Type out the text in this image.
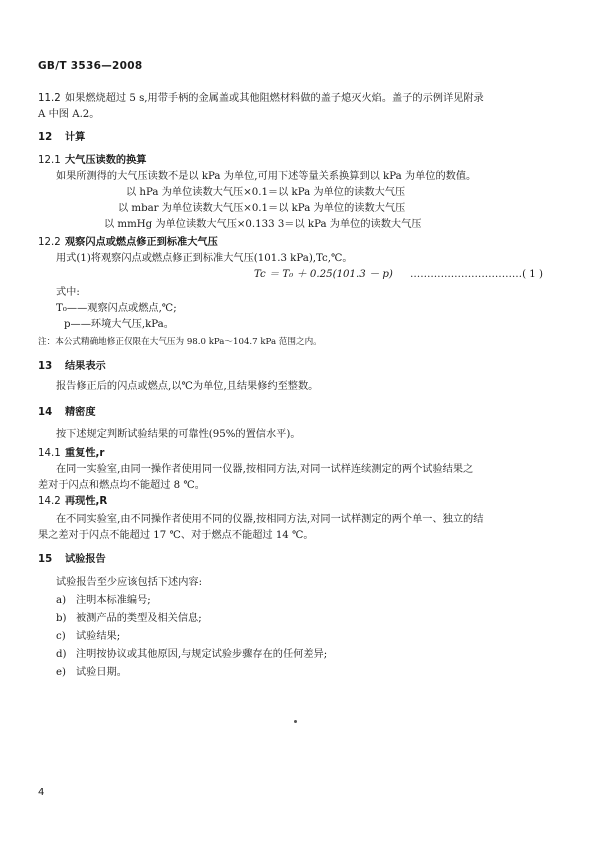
GB/T 3536—2008
11.2 如果燃烧超过 5 s,用带手柄的金属盖或其他阻燃材料做的盖子熄灭火焰。盖子的示例详见附录
A 中图 A.2。
12 计算
12.1 大气压读数的换算
如果所测得的大气压读数不是以 kPa 为单位,可用下述等量关系换算到以 kPa 为单位的数值。
以 hPa 为单位读数大气压×0.1＝以 kPa 为单位的读数大气压
以 mbar 为单位读数大气压×0.1＝以 kPa 为单位的读数大气压
以 mmHg 为单位读数大气压×0.133 3＝以 kPa 为单位的读数大气压
12.2 观察闪点或燃点修正到标准大气压
用式(1)将观察闪点或燃点修正到标准大气压(101.3 kPa),Tc,℃。
Tc ＝ T₀ ＋ 0.25(101.3 － p) ……………………………( 1 )
式中:
T₀——观察闪点或燃点,℃;
p——环境大气压,kPa。
注：本公式精确地修正仅限在大气压为 98.0 kPa～104.7 kPa 范围之内。
13 结果表示
报告修正后的闪点或燃点,以℃为单位,且结果修约至整数。
14 精密度
按下述规定判断试验结果的可靠性(95%的置信水平)。
14.1 重复性,r
在同一实验室,由同一操作者使用同一仪器,按相同方法,对同一试样连续测定的两个试验结果之
差对于闪点和燃点均不能超过 8 ℃。
14.2 再现性,R
在不同实验室,由不同操作者使用不同的仪器,按相同方法,对同一试样测定的两个单一、独立的结
果之差对于闪点不能超过 17 ℃、对于燃点不能超过 14 ℃。
15 试验报告
试验报告至少应该包括下述内容:
a) 注明本标准编号;
b) 被测产品的类型及相关信息;
c) 试验结果;
d) 注明按协议或其他原因,与规定试验步骤存在的任何差异;
e) 试验日期。
4
